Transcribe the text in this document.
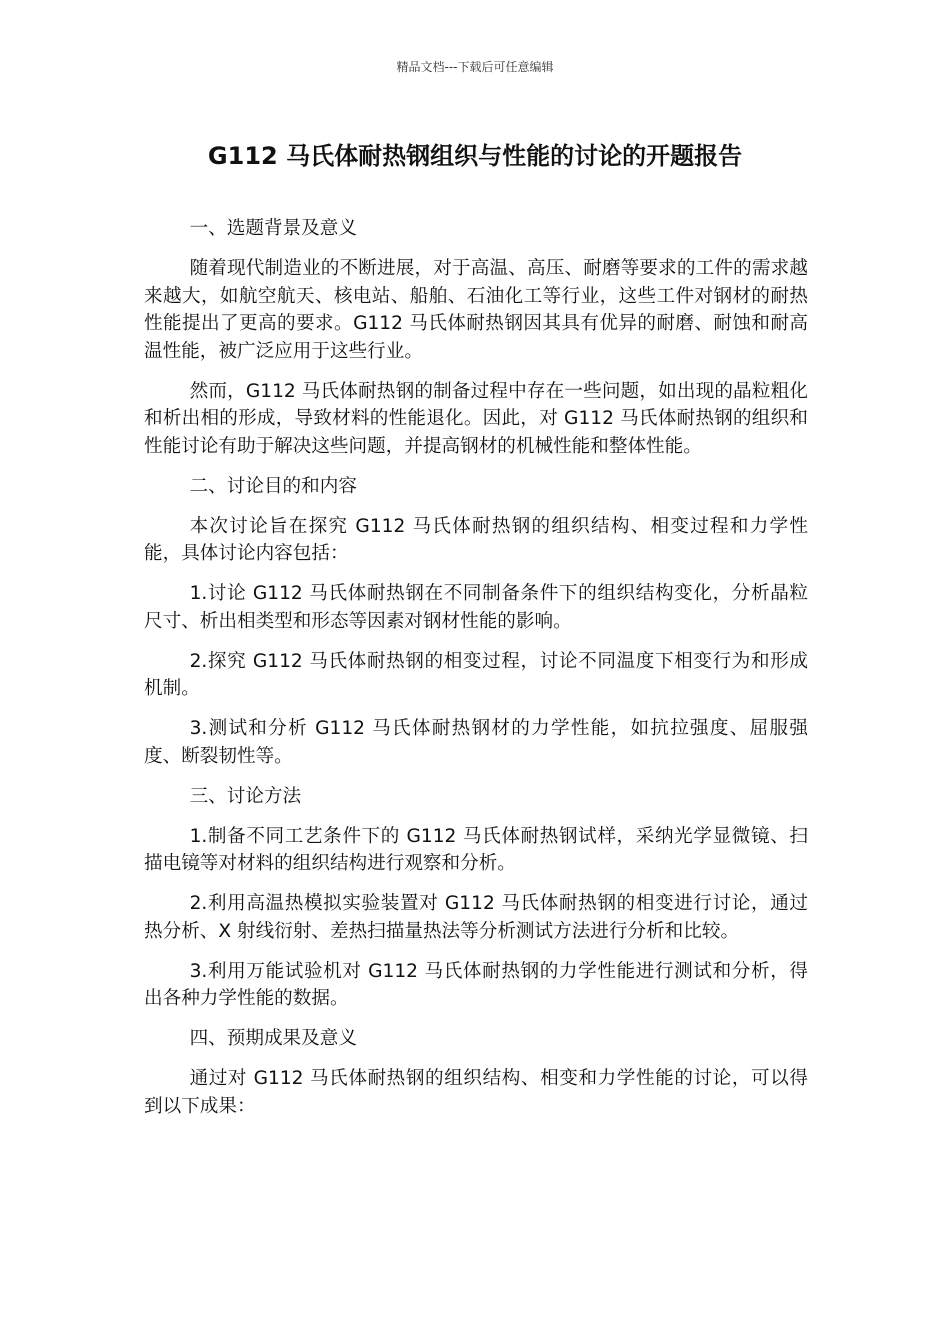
精品文档---下载后可任意编辑
G112 马氏体耐热钢组织与性能的讨论的开题报告

一、选题背景及意义

随着现代制造业的不断进展，对于高温、高压、耐磨等要求的工件的需求越来越大，如航空航天、核电站、船舶、石油化工等行业，这些工件对钢材的耐热性能提出了更高的要求。G112 马氏体耐热钢因其具有优异的耐磨、耐蚀和耐高温性能，被广泛应用于这些行业。

然而，G112 马氏体耐热钢的制备过程中存在一些问题，如出现的晶粒粗化和析出相的形成，导致材料的性能退化。因此，对 G112 马氏体耐热钢的组织和性能讨论有助于解决这些问题，并提高钢材的机械性能和整体性能。

二、讨论目的和内容

本次讨论旨在探究 G112 马氏体耐热钢的组织结构、相变过程和力学性能，具体讨论内容包括：

1.讨论 G112 马氏体耐热钢在不同制备条件下的组织结构变化，分析晶粒尺寸、析出相类型和形态等因素对钢材性能的影响。

2.探究 G112 马氏体耐热钢的相变过程，讨论不同温度下相变行为和形成机制。

3.测试和分析 G112 马氏体耐热钢材的力学性能，如抗拉强度、屈服强度、断裂韧性等。

三、讨论方法

1.制备不同工艺条件下的 G112 马氏体耐热钢试样，采纳光学显微镜、扫描电镜等对材料的组织结构进行观察和分析。

2.利用高温热模拟实验装置对 G112 马氏体耐热钢的相变进行讨论，通过热分析、X 射线衍射、差热扫描量热法等分析测试方法进行分析和比较。

3.利用万能试验机对 G112 马氏体耐热钢的力学性能进行测试和分析，得出各种力学性能的数据。

四、预期成果及意义

通过对 G112 马氏体耐热钢的组织结构、相变和力学性能的讨论，可以得到以下成果：
